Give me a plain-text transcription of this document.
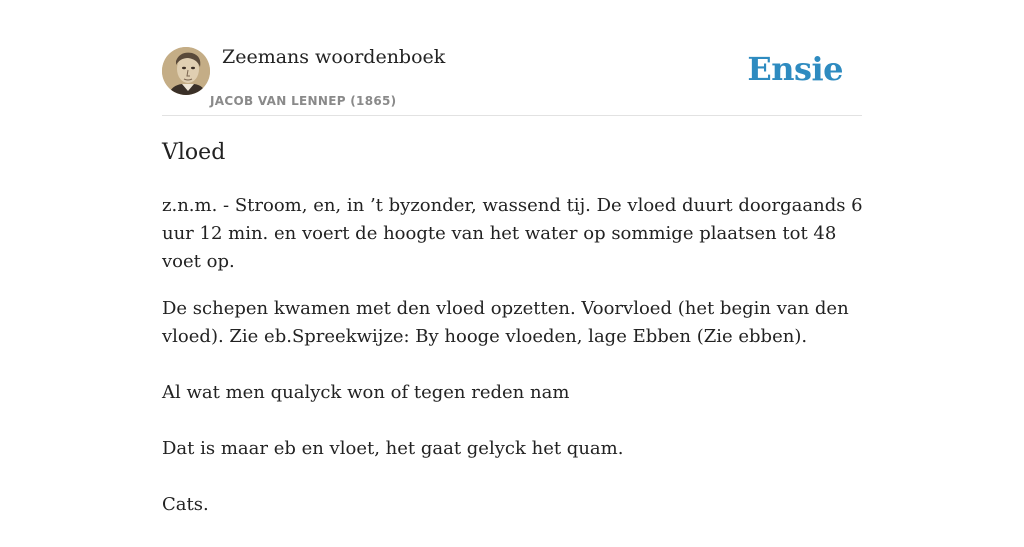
Zeemans woordenboek
JACOB VAN LENNEP (1865)
Ensie
Vloed

z.n.m. - Stroom, en, in ’t byzonder, wassend tij. De vloed duurt doorgaands 6 uur 12 min. en voert de hoogte van het water op sommige plaatsen tot 48 voet op.

De schepen kwamen met den vloed opzetten. Voorvloed (het begin van den vloed). Zie eb.Spreekwijze: By hooge vloeden, lage Ebben (Zie ebben).

Al wat men qualyck won of tegen reden nam

Dat is maar eb en vloet, het gaat gelyck het quam.

Cats.
